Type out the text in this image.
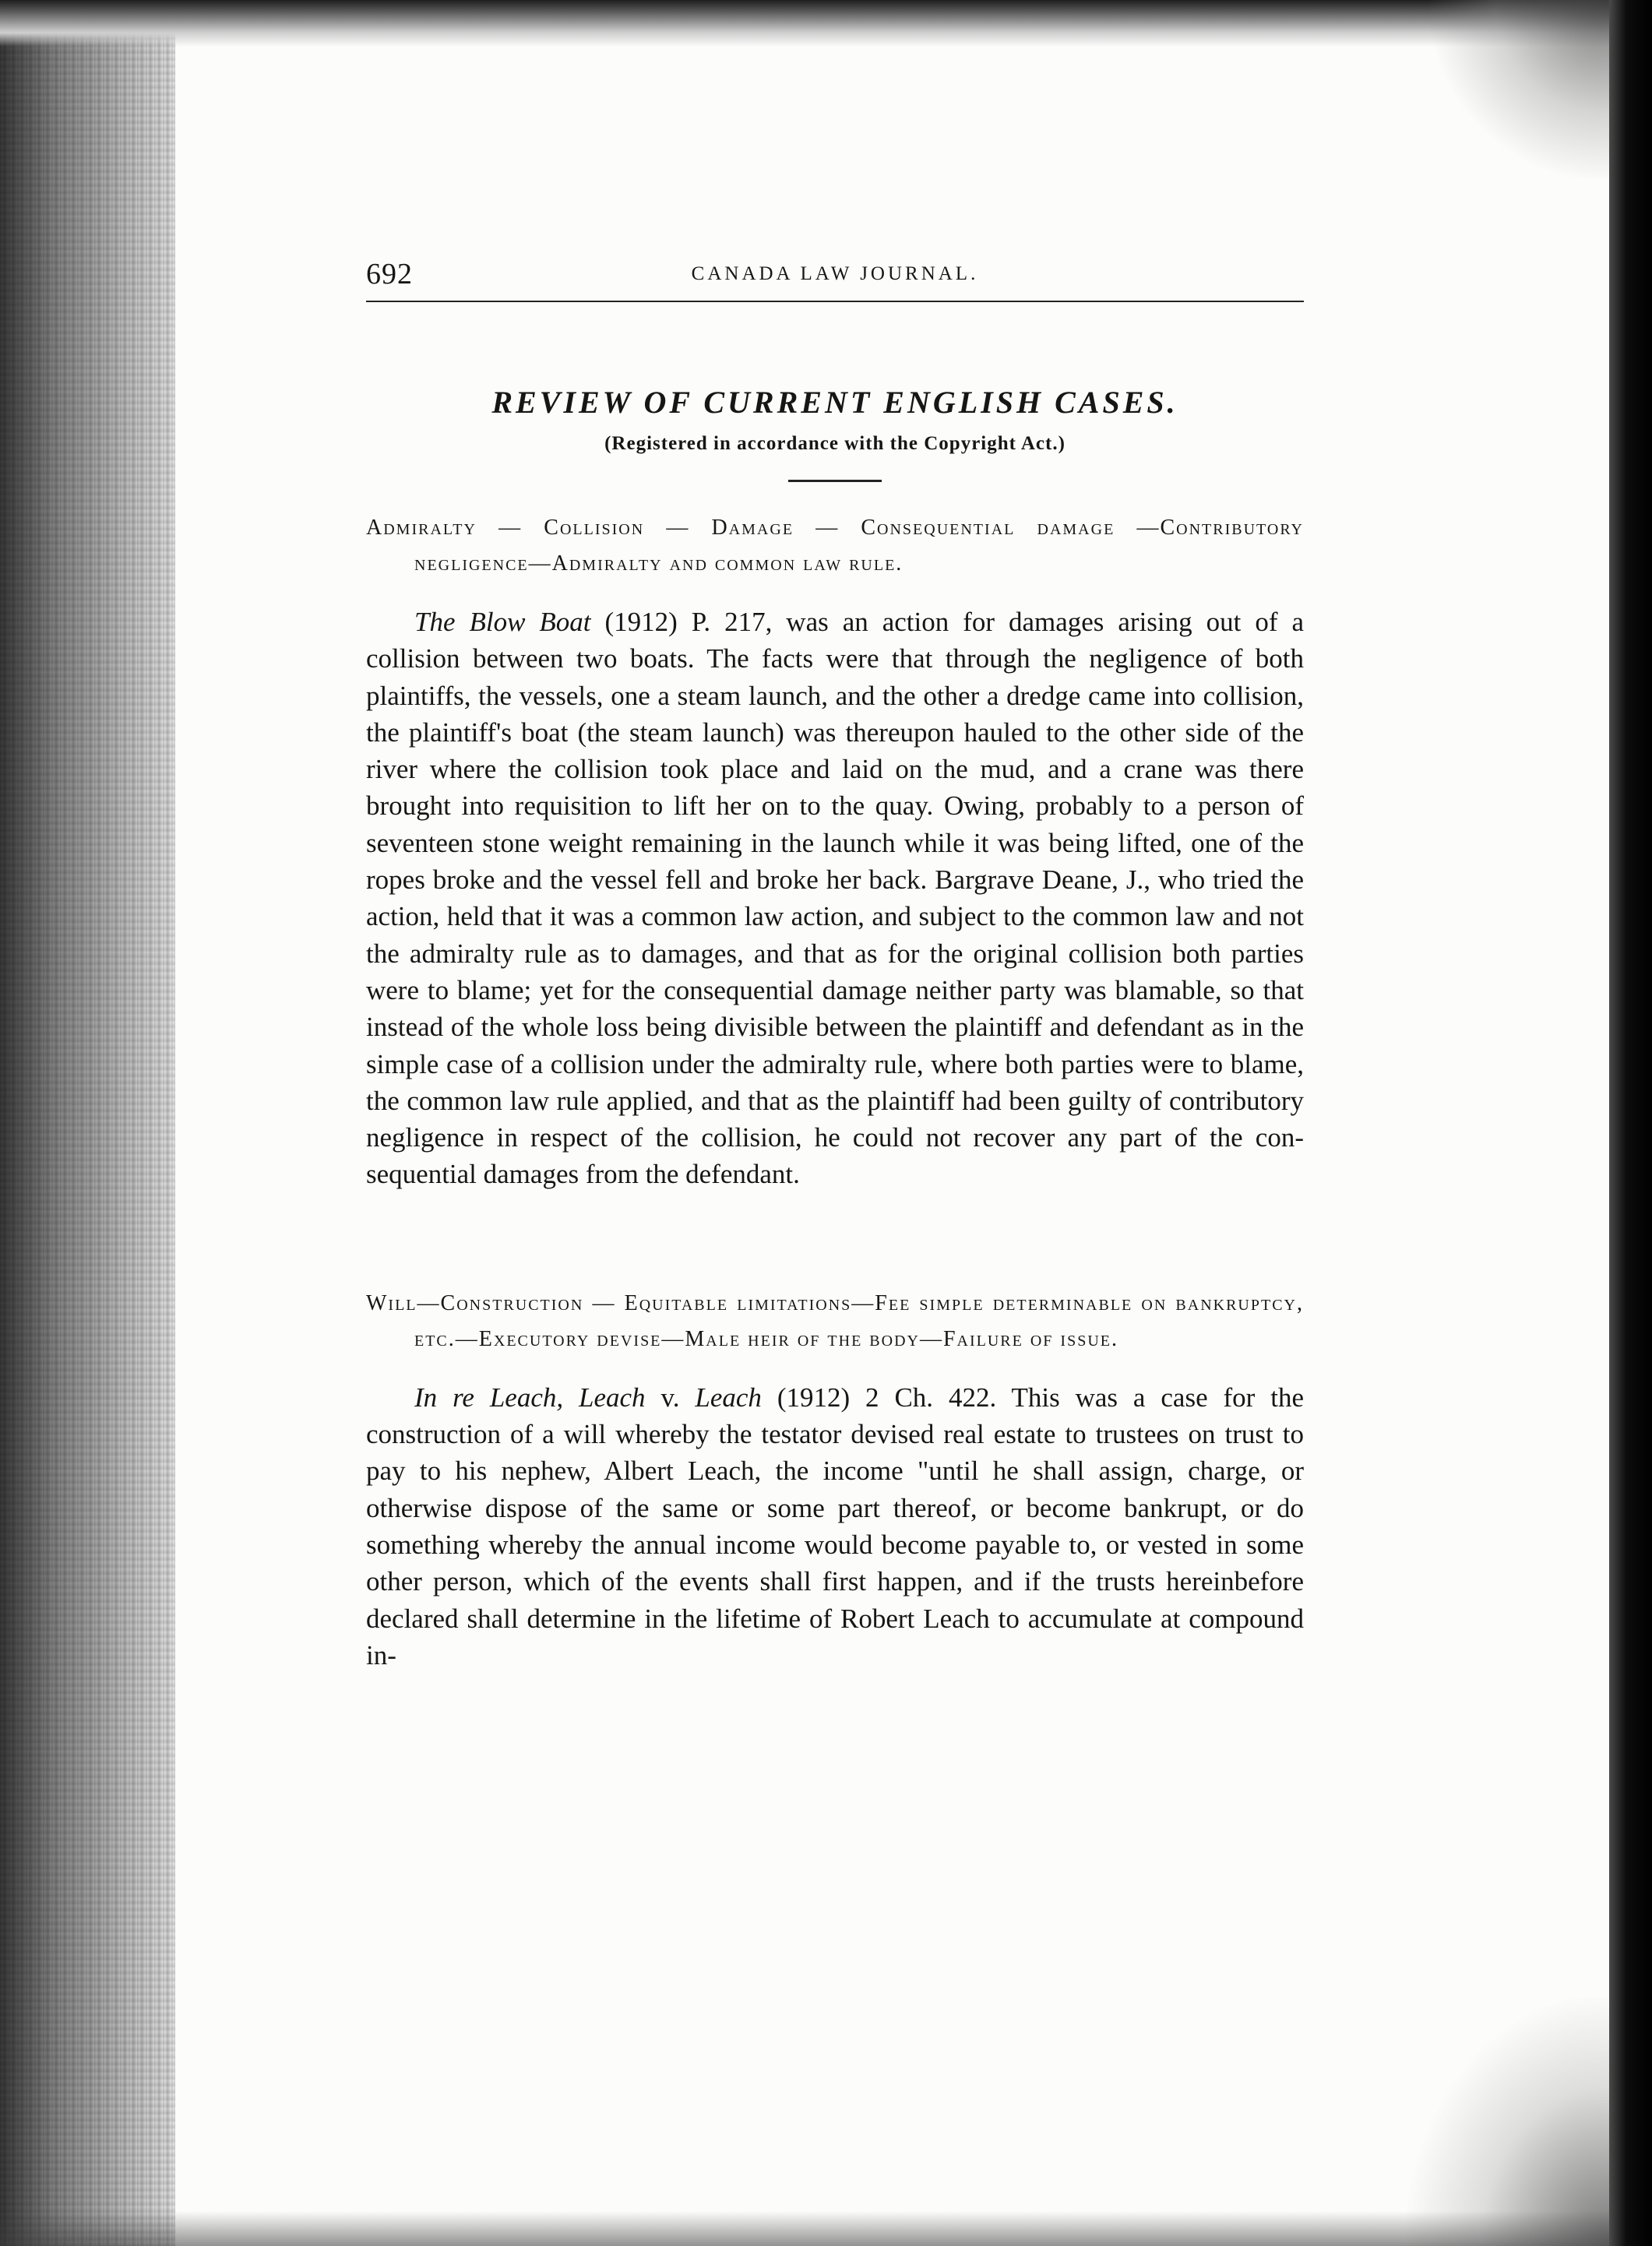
692	CANADA LAW JOURNAL.
REVIEW OF CURRENT ENGLISH CASES.
(Registered in accordance with the Copyright Act.)
Admiralty — Collision — Damage — Consequential damage —Contributory negligence—Admiralty and common law rule.

The Blow Boat (1912) P. 217, was an action for damages arising out of a collision between two boats. The facts were that through the negligence of both plaintiffs, the vessels, one a steam launch, and the other a dredge came into collision, the plaintiff's boat (the steam launch) was thereupon hauled to the other side of the river where the collision took place and laid on the mud, and a crane was there brought into requisition to lift her on to the quay. Owing, probably to a person of seventeen stone weight remaining in the launch while it was being lifted, one of the ropes broke and the vessel fell and broke her back. Bargrave Deane, J., who tried the action, held that it was a common law action, and subject to the common law and not the admiralty rule as to damages, and that as for the original collision both parties were to blame; yet for the consequential damage neither party was blamable, so that instead of the whole loss being divisible between the plaintiff and defendant as in the simple case of a collision under the admiralty rule, where both parties were to blame, the common law rule applied, and that as the plaintiff had been guilty of contributory negligence in respect of the collision, he could not recover any part of the consequential damages from the defendant.

Will—Construction — Equitable limitations—Fee simple determinable on bankruptcy, etc.—Executory devise—Male heir of the body—Failure of issue.

In re Leach, Leach v. Leach (1912) 2 Ch. 422. This was a case for the construction of a will whereby the testator devised real estate to trustees on trust to pay to his nephew, Albert Leach, the income "until he shall assign, charge, or otherwise dispose of the same or some part thereof, or become bankrupt, or do something whereby the annual income would become payable to, or vested in some other person, which of the events shall first happen, and if the trusts hereinbefore declared shall determine in the lifetime of Robert Leach to accumulate at compound in-
